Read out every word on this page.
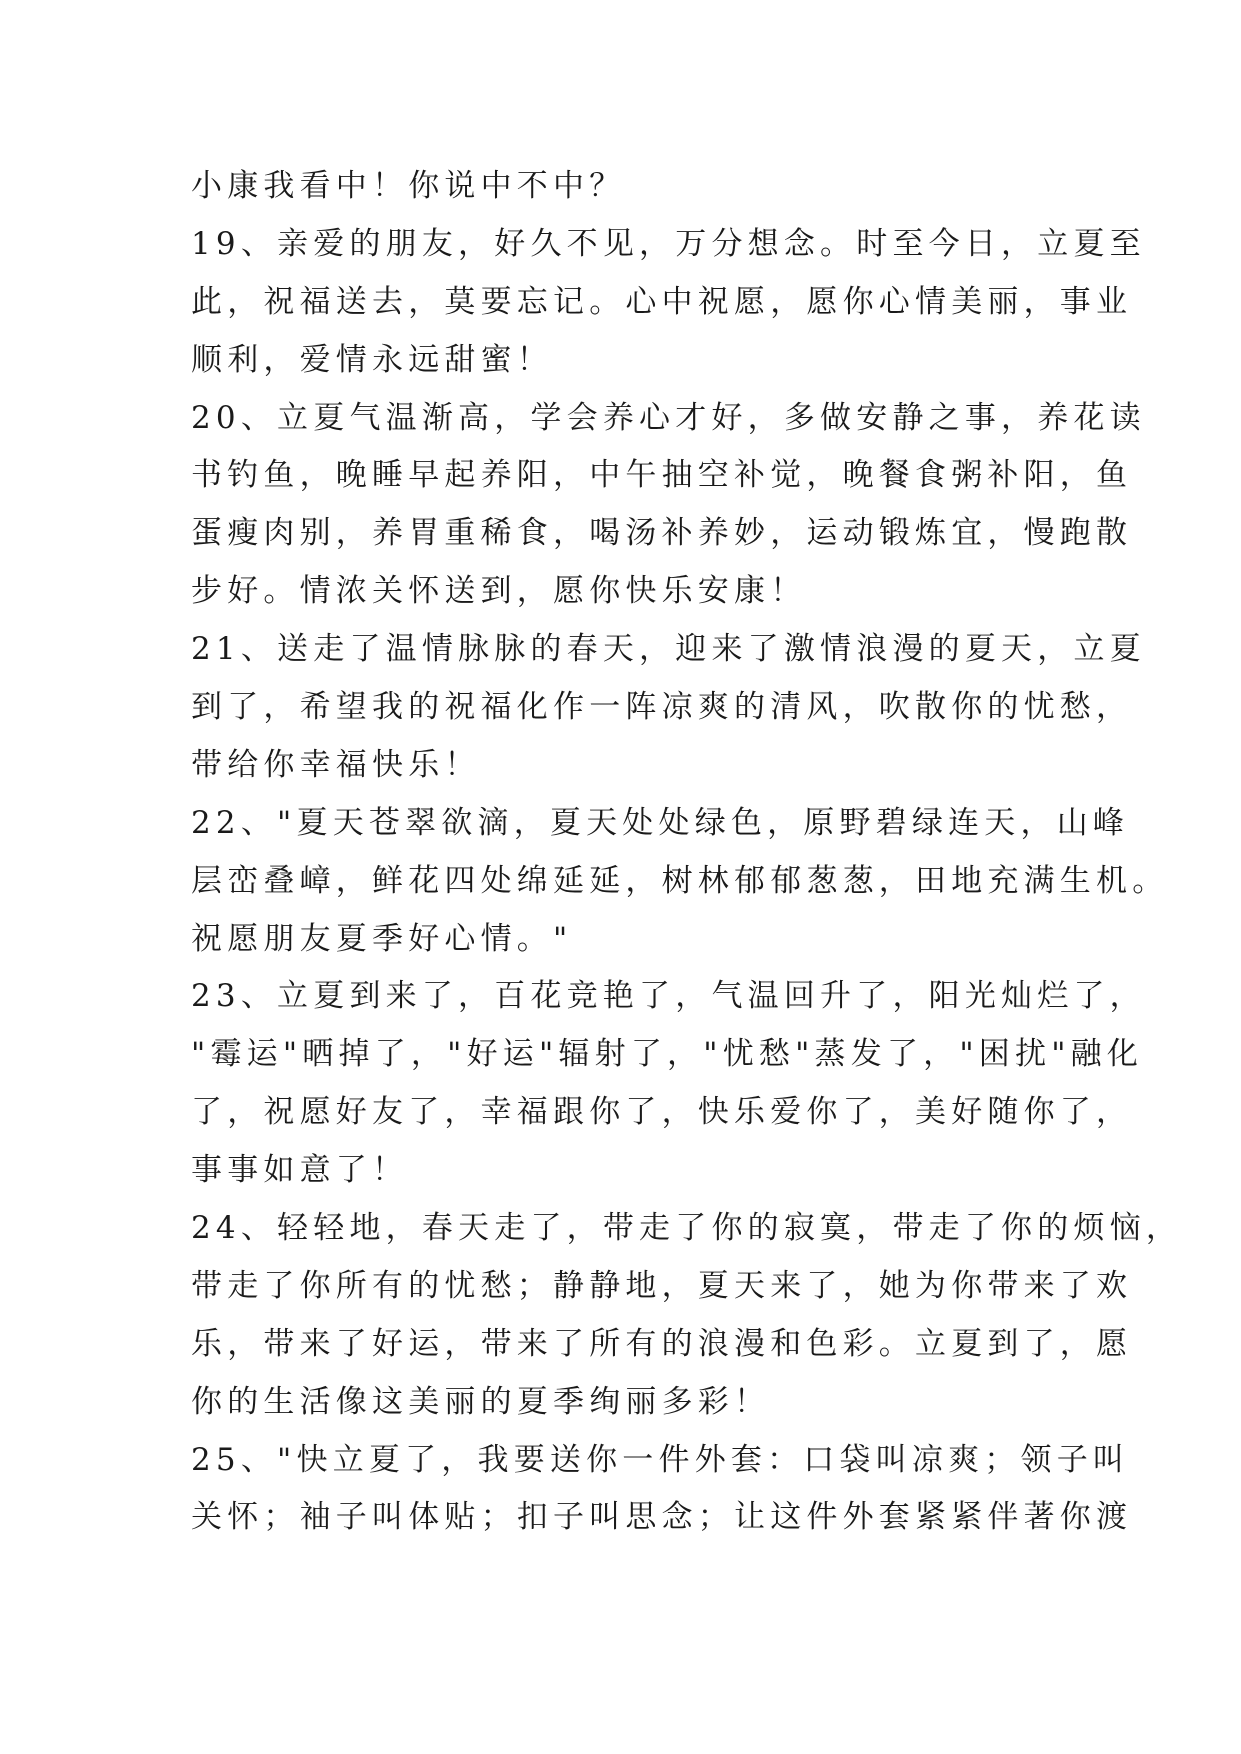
小康我看中！你说中不中？
19、亲爱的朋友，好久不见，万分想念。时至今日，立夏至
此，祝福送去，莫要忘记。心中祝愿，愿你心情美丽，事业
顺利，爱情永远甜蜜！
20、立夏气温渐高，学会养心才好，多做安静之事，养花读
书钓鱼，晚睡早起养阳，中午抽空补觉，晚餐食粥补阳，鱼
蛋瘦肉别，养胃重稀食，喝汤补养妙，运动锻炼宜，慢跑散
步好。情浓关怀送到，愿你快乐安康！
21、送走了温情脉脉的春天，迎来了激情浪漫的夏天，立夏
到了，希望我的祝福化作一阵凉爽的清风，吹散你的忧愁，
带给你幸福快乐！
22、"夏天苍翠欲滴，夏天处处绿色，原野碧绿连天，山峰
层峦叠嶂，鲜花四处绵延延，树林郁郁葱葱，田地充满生机。
祝愿朋友夏季好心情。"
23、立夏到来了，百花竞艳了，气温回升了，阳光灿烂了，
"霉运"晒掉了，"好运"辐射了，"忧愁"蒸发了，"困扰"融化
了，祝愿好友了，幸福跟你了，快乐爱你了，美好随你了，
事事如意了！
24、轻轻地，春天走了，带走了你的寂寞，带走了你的烦恼，
带走了你所有的忧愁；静静地，夏天来了，她为你带来了欢
乐，带来了好运，带来了所有的浪漫和色彩。立夏到了，愿
你的生活像这美丽的夏季绚丽多彩！
25、"快立夏了，我要送你一件外套：口袋叫凉爽；领子叫
关怀；袖子叫体贴；扣子叫思念；让这件外套紧紧伴著你渡
